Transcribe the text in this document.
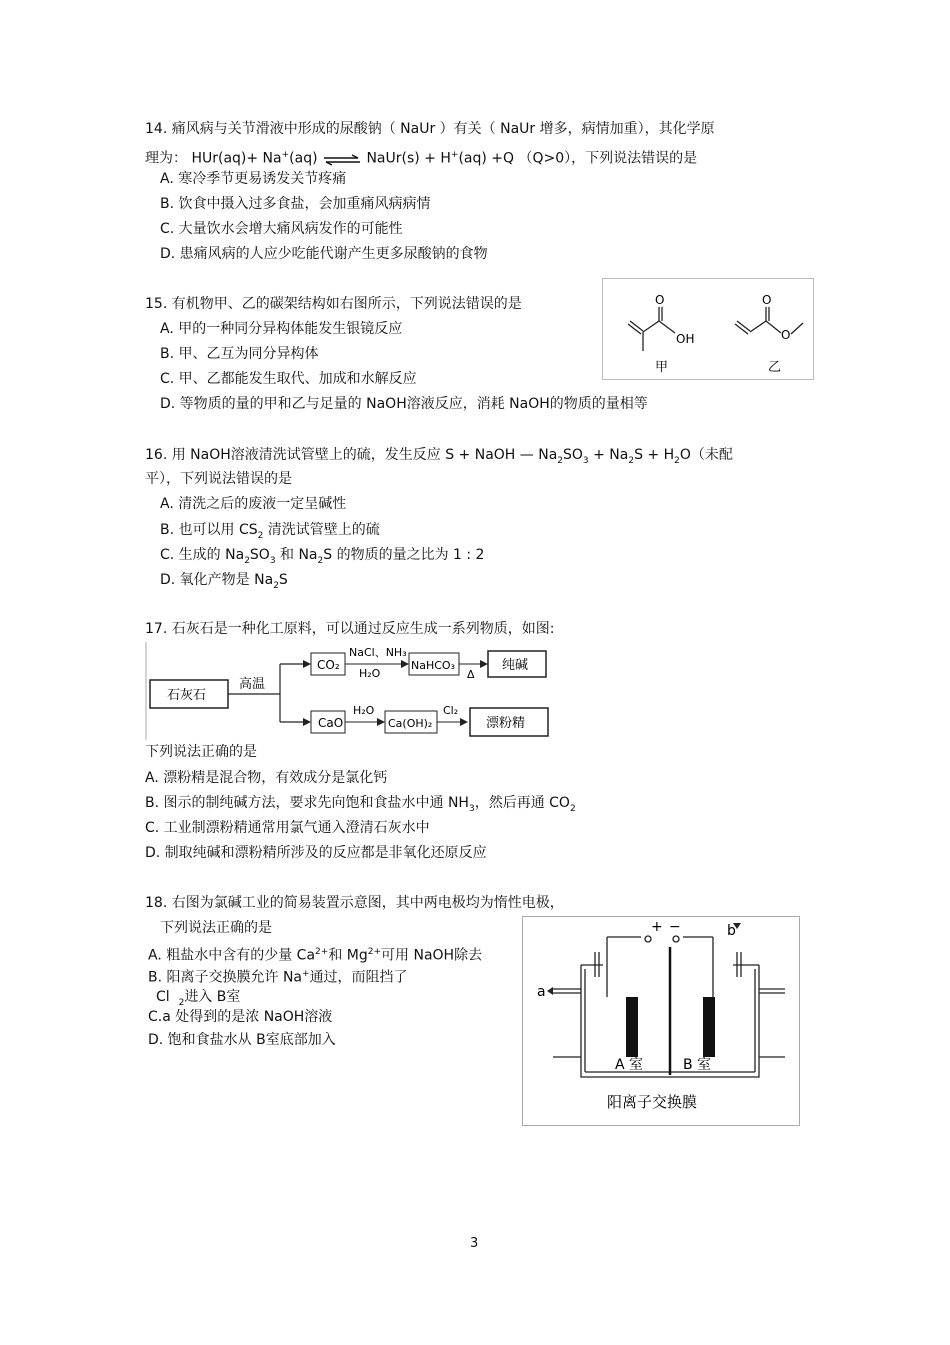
14. 痛风病与关节滑液中形成的尿酸钠（ NaUr ）有关（ NaUr 增多，病情加重），其化学原
理为： HUr(aq)+ Na+(aq) ⇌ NaUr(s) + H+(aq) +Q （Q>0），下列说法错误的是
A. 寒冷季节更易诱发关节疼痛
B. 饮食中摄入过多食盐，会加重痛风病病情
C. 大量饮水会增大痛风病发作的可能性
D. 患痛风病的人应少吃能代谢产生更多尿酸钠的食物
15. 有机物甲、乙的碳架结构如右图所示，下列说法错误的是
A. 甲的一种同分异构体能发生银镜反应
B. 甲、乙互为同分异构体
C. 甲、乙都能发生取代、加成和水解反应
D. 等物质的量的甲和乙与足量的 NaOH溶液反应，消耗 NaOH的物质的量相等
O
OH
甲
O
O
乙
16. 用 NaOH溶液清洗试管壁上的硫，发生反应 S + NaOH — $Na_2SO_3 + Na_2S + H_2O$（未配
平），下列说法错误的是
A. 清洗之后的废液一定呈碱性
B. 也可以用 $CS_2$ 清洗试管壁上的硫
C. 生成的 $Na_2SO_3$ 和 $Na_2S$ 的物质的量之比为 1 : 2
D. 氧化产物是 $Na_2S$
17. 石灰石是一种化工原料，可以通过反应生成一系列物质，如图:
石灰石
高温
CO₂
NaCl、NH₃
H₂O
NaHCO₃
Δ
纯碱
CaO
H₂O
Ca(OH)₂
Cl₂
漂粉精
下列说法正确的是
A. 漂粉精是混合物，有效成分是氯化钙
B. 图示的制纯碱方法，要求先向饱和食盐水中通 $NH_3$，然后再通 $CO_2$
C. 工业制漂粉精通常用氯气通入澄清石灰水中
D. 制取纯碱和漂粉精所涉及的反应都是非氧化还原反应
18. 右图为氯碱工业的简易装置示意图，其中两电极均为惰性电极，
下列说法正确的是
A. 粗盐水中含有的少量 $Ca^{2+}$和 $Mg^{2+}$可用 NaOH除去
B. 阳离子交换膜允许 Na+通过，而阻挡了
Cl $_2$进入 B室
C.a 处得到的是浓 NaOH溶液
D. 饱和食盐水从 B室底部加入
+ −	b
a
A 室	B 室
阳离子交换膜
3
